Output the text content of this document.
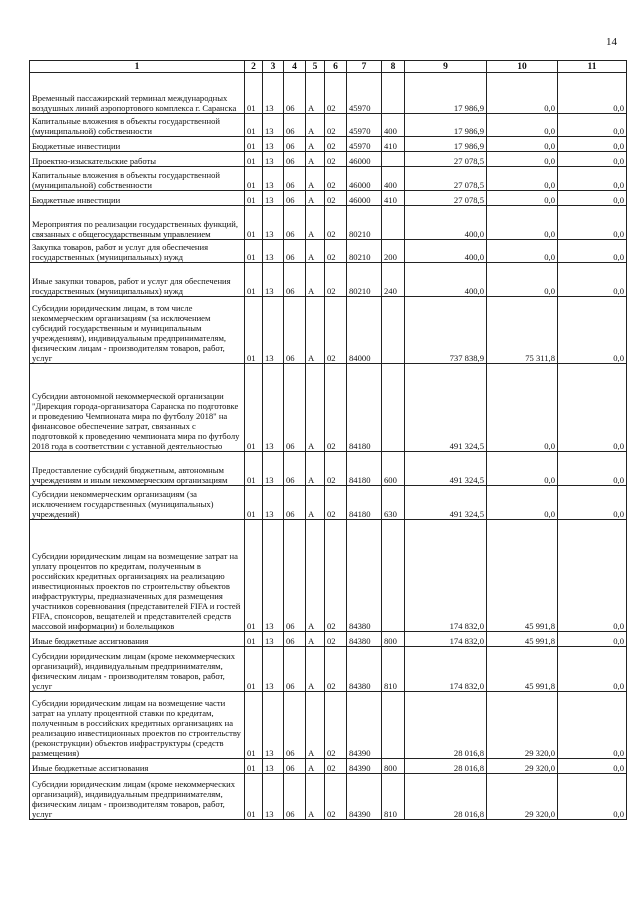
14
1	2	3	4	5	6	7	8	9	10	11
Временный пассажирский терминал международных воздушных линий аэропортового комплекса г. Саранска	01	13	06	А	02	45970		17 986,9	0,0	0,0
Капитальные вложения в объекты государственной (муниципальной) собственности	01	13	06	А	02	45970	400	17 986,9	0,0	0,0
Бюджетные инвестиции	01	13	06	А	02	45970	410	17 986,9	0,0	0,0
Проектно-изыскательские работы	01	13	06	А	02	46000		27 078,5	0,0	0,0
Капитальные вложения в объекты государственной (муниципальной) собственности	01	13	06	А	02	46000	400	27 078,5	0,0	0,0
Бюджетные инвестиции	01	13	06	А	02	46000	410	27 078,5	0,0	0,0
Мероприятия по реализации государственных функций, связанных с общегосударственным управлением	01	13	06	А	02	80210		400,0	0,0	0,0
Закупка товаров, работ и услуг для обеспечения государственных (муниципальных) нужд	01	13	06	А	02	80210	200	400,0	0,0	0,0
Иные закупки товаров, работ и услуг для обеспечения государственных (муниципальных) нужд	01	13	06	А	02	80210	240	400,0	0,0	0,0
Субсидии юридическим лицам, в том числе некоммерческим организациям (за исключением субсидий государственным и муниципальным учреждениям), индивидуальным предпринимателям, физическим лицам - производителям товаров, работ, услуг	01	13	06	А	02	84000		737 838,9	75 311,8	0,0
Субсидии автономной некоммерческой организации "Дирекция города-организатора Саранска по подготовке и проведению Чемпионата мира по футболу 2018" на финансовое обеспечение затрат, связанных с подготовкой к проведению чемпионата мира по футболу 2018 года в соответствии с уставной деятельностью	01	13	06	А	02	84180		491 324,5	0,0	0,0
Предоставление субсидий бюджетным, автономным учреждениям и иным некоммерческим организациям	01	13	06	А	02	84180	600	491 324,5	0,0	0,0
Субсидии некоммерческим организациям (за исключением государственных (муниципальных) учреждений)	01	13	06	А	02	84180	630	491 324,5	0,0	0,0
Субсидии юридическим лицам на возмещение затрат на уплату процентов по кредитам, полученным в российских кредитных организациях на реализацию инвестиционных проектов по строительству объектов инфраструктуры, предназначенных для размещения участников соревнования (представителей FIFA и гостей FIFA, спонсоров, вещателей и представителей средств массовой информации) и болельщиков	01	13	06	А	02	84380		174 832,0	45 991,8	0,0
Иные бюджетные ассигнования	01	13	06	А	02	84380	800	174 832,0	45 991,8	0,0
Субсидии юридическим лицам (кроме некоммерческих организаций), индивидуальным предпринимателям, физическим лицам - производителям товаров, работ, услуг	01	13	06	А	02	84380	810	174 832,0	45 991,8	0,0
Субсидии юридическим лицам на возмещение части затрат на уплату процентной ставки по кредитам, полученным в российских кредитных организациях на реализацию инвестиционных проектов по строительству (реконструкции) объектов инфраструктуры (средств размещения)	01	13	06	А	02	84390		28 016,8	29 320,0	0,0
Иные бюджетные ассигнования	01	13	06	А	02	84390	800	28 016,8	29 320,0	0,0
Субсидии юридическим лицам (кроме некоммерческих организаций), индивидуальным предпринимателям, физическим лицам - производителям товаров, работ, услуг	01	13	06	А	02	84390	810	28 016,8	29 320,0	0,0
